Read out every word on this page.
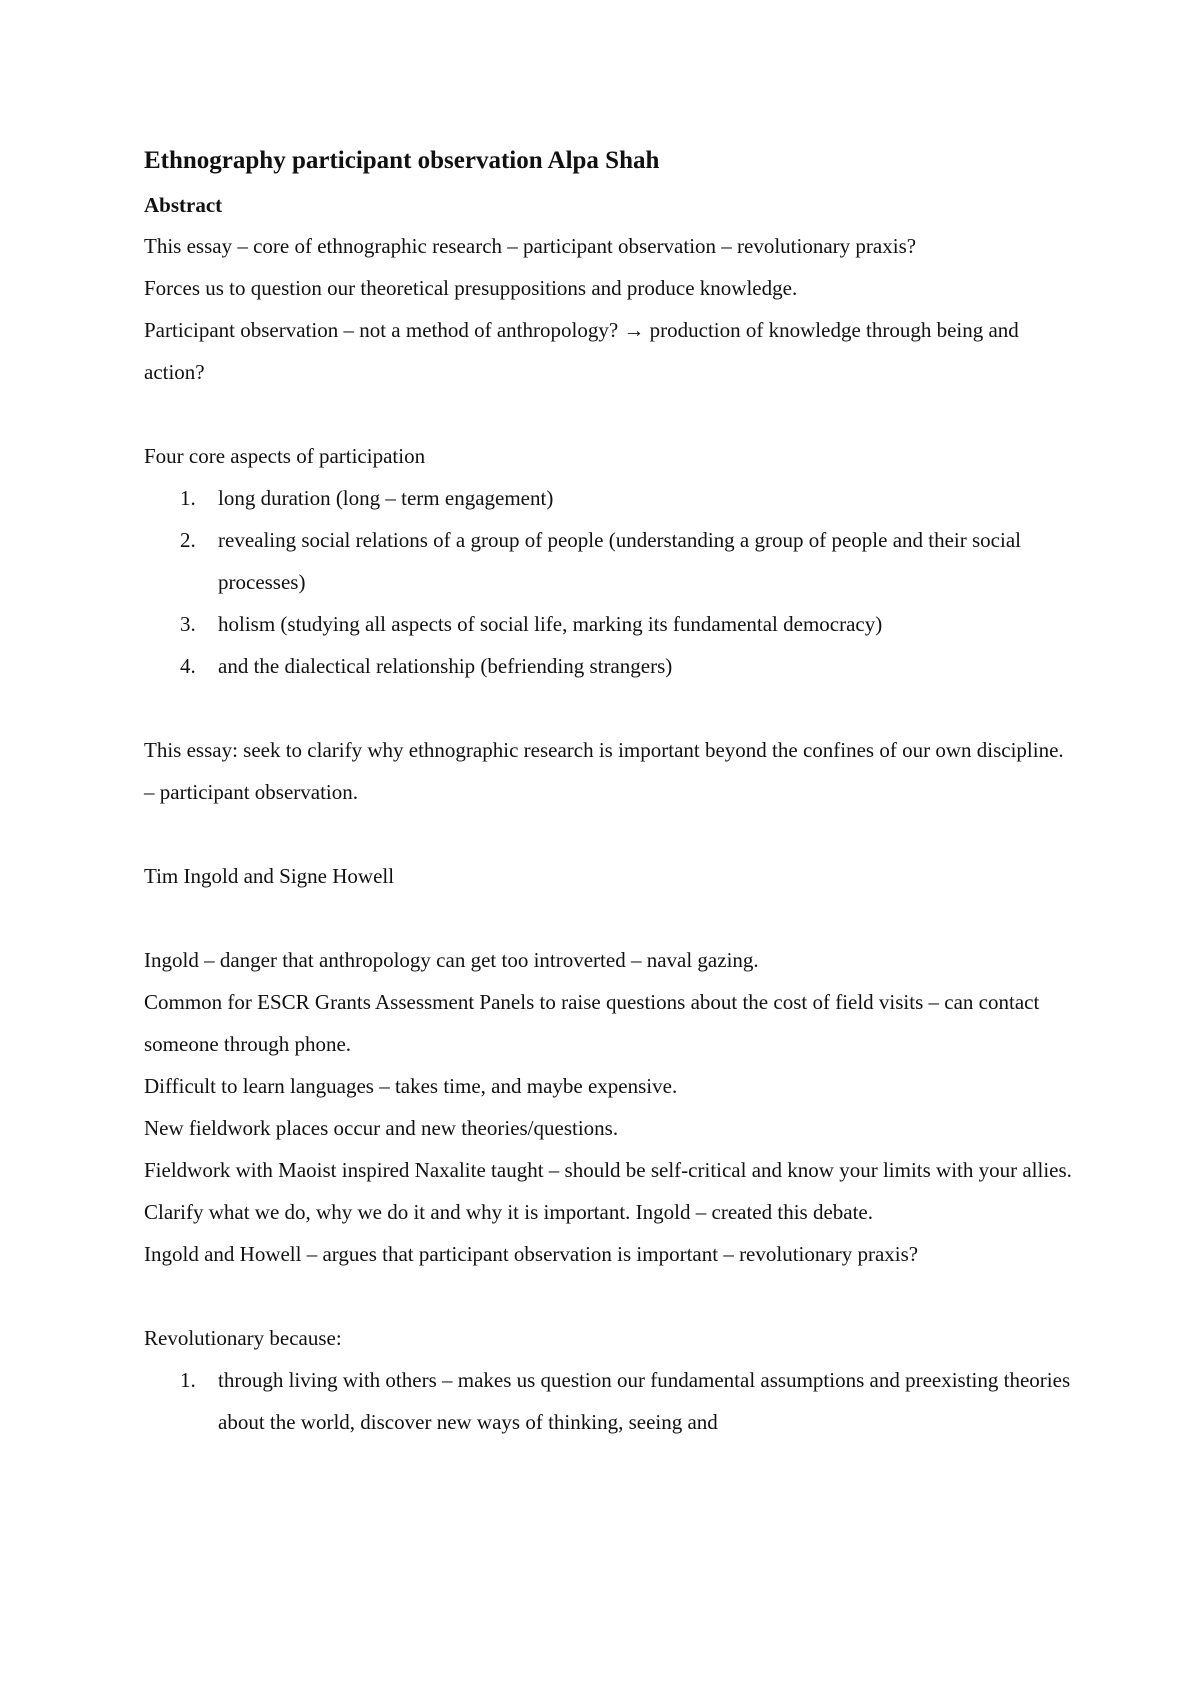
Ethnography participant observation Alpa Shah
Abstract
This essay – core of ethnographic research – participant observation – revolutionary praxis?
Forces us to question our theoretical presuppositions and produce knowledge.
Participant observation – not a method of anthropology? → production of knowledge through being and action?
Four core aspects of participation
1.	long duration (long – term engagement)
2.	revealing social relations of a group of people (understanding a group of people and their social processes)
3.	holism (studying all aspects of social life, marking its fundamental democracy)
4.	and the dialectical relationship (befriending strangers)
This essay: seek to clarify why ethnographic research is important beyond the confines of our own discipline. – participant observation.
Tim Ingold and Signe Howell
Ingold – danger that anthropology can get too introverted – naval gazing.
Common for ESCR Grants Assessment Panels to raise questions about the cost of field visits – can contact someone through phone.
Difficult to learn languages – takes time, and maybe expensive.
New fieldwork places occur and new theories/questions.
Fieldwork with Maoist inspired Naxalite taught – should be self-critical and know your limits with your allies.
Clarify what we do, why we do it and why it is important. Ingold – created this debate.
Ingold and Howell – argues that participant observation is important – revolutionary praxis?
Revolutionary because:
1.	through living with others – makes us question our fundamental assumptions and preexisting theories about the world, discover new ways of thinking, seeing and
